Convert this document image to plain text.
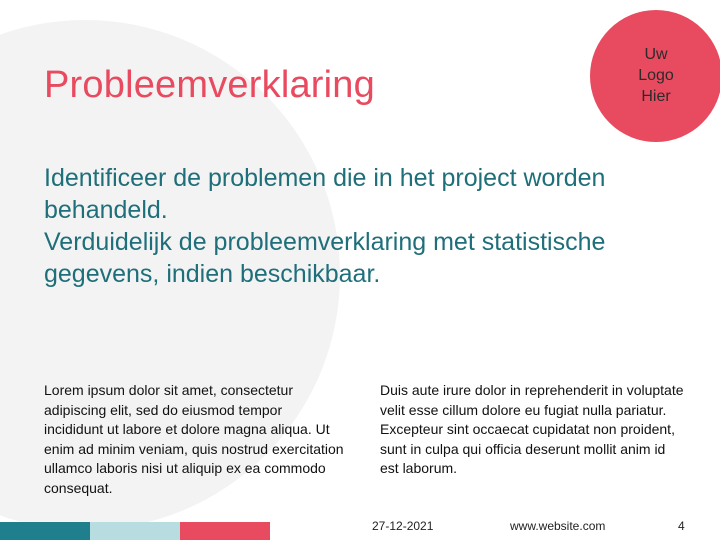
Probleemverklaring
Uw
Logo
Hier

Identificeer de problemen die in het project worden behandeld.

Verduidelijk de probleemverklaring met statistische gegevens, indien beschikbaar.

Lorem ipsum dolor sit amet, consectetur adipiscing elit, sed do eiusmod tempor incididunt ut labore et dolore magna aliqua. Ut enim ad minim veniam, quis nostrud exercitation ullamco laboris nisi ut aliquip ex ea commodo consequat.
Duis aute irure dolor in reprehenderit in voluptate velit esse cillum dolore eu fugiat nulla pariatur. Excepteur sint occaecat cupidatat non proident, sunt in culpa qui officia deserunt mollit anim id est laborum.
27-12-2021	www.website.com	4
